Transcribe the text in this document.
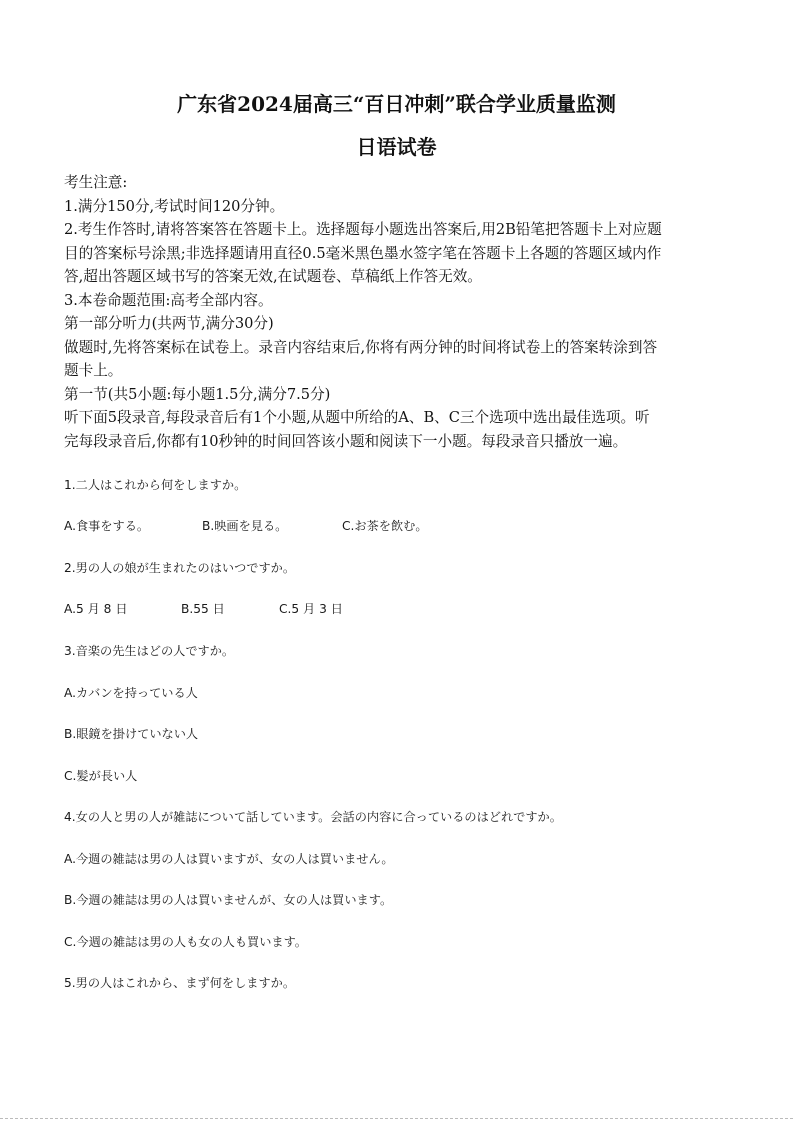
广东省2024届高三“百日冲刺”联合学业质量监测
日语试卷
考生注意:
1.满分150分,考试时间120分钟。
2.考生作答时,请将答案答在答题卡上。选择题每小题选出答案后,用2B铅笔把答题卡上对应题
目的答案标号涂黑;非选择题请用直径0.5毫米黑色墨水签字笔在答题卡上各题的答题区域内作
答,超出答题区域书写的答案无效,在试题卷、草稿纸上作答无效。
3.本卷命题范围:高考全部内容。
第一部分听力(共两节,满分30分)
做题时,先将答案标在试卷上。录音内容结束后,你将有两分钟的时间将试卷上的答案转涂到答
题卡上。
第一节(共5小题:每小题1.5分,满分7.5分)
听下面5段录音,每段录音后有1个小题,从题中所给的A、B、C三个选项中选出最佳选项。听
完每段录音后,你都有10秒钟的时间回答该小题和阅读下一小题。每段录音只播放一遍。
1.二人はこれから何をしますか。
A.食事をする。	B.映画を見る。	C.お茶を飲む。
2.男の人の娘が生まれたのはいつですか。
A.5 月 8 日	B.55 日	C.5 月 3 日
3.音楽の先生はどの人ですか。
A.カバンを持っている人
B.眼鏡を掛けていない人
C.髪が長い人
4.女の人と男の人が雑誌について話しています。会話の内容に合っているのはどれですか。
A.今週の雑誌は男の人は買いますが、女の人は買いません。
B.今週の雑誌は男の人は買いませんが、女の人は買います。
C.今週の雑誌は男の人も女の人も買います。
5.男の人はこれから、まず何をしますか。
